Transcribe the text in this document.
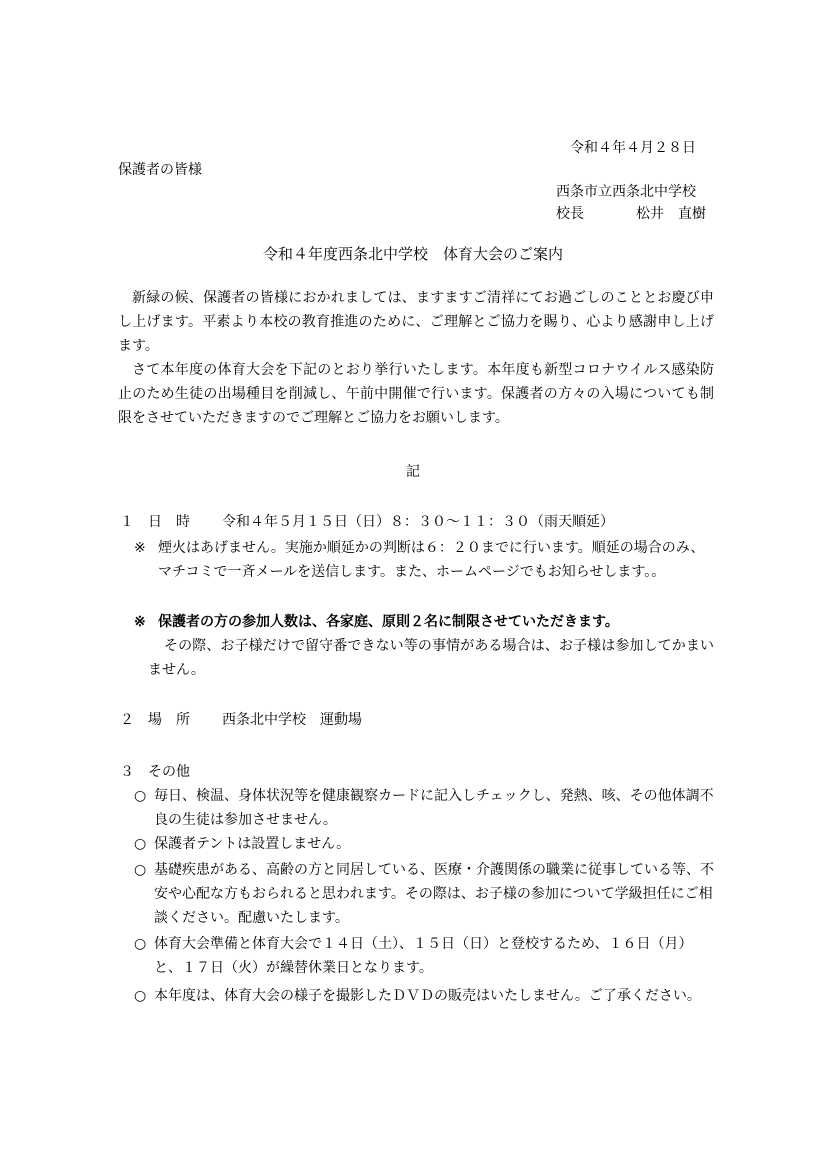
令和４年４月２８日
保護者の皆様
西条市立西条北中学校
校長	松井　直樹
令和４年度西条北中学校　体育大会のご案内
新緑の候、保護者の皆様におかれましては、ますますご清祥にてお過ごしのこととお慶び申し上げます。平素より本校の教育推進のために、ご理解とご協力を賜り、心より感謝申し上げます。
さて本年度の体育大会を下記のとおり挙行いたします。本年度も新型コロナウイルス感染防止のため生徒の出場種目を削減し、午前中開催で行います。保護者の方々の入場についても制限をさせていただきますのでご理解とご協力をお願いします。
記
１　日　時 令和４年５月１５日（日）８：３０～１１：３０（雨天順延）
※ 煙火はあげません。実施か順延かの判断は６：２０までに行います。順延の場合のみ、
マチコミで一斉メールを送信します。また、ホームページでもお知らせします。。
※ 保護者の方の参加人数は、各家庭、原則２名に制限させていただきます。
その際、お子様だけで留守番できない等の事情がある場合は、お子様は参加してかまいません。
２　場　所 西条北中学校　運動場
３　その他
○ 毎日、検温、身体状況等を健康観察カードに記入しチェックし、発熱、咳、その他体調不良の生徒は参加させません。
○ 保護者テントは設置しません。
○ 基礎疾患がある、高齢の方と同居している、医療・介護関係の職業に従事している等、不安や心配な方もおられると思われます。その際は、お子様の参加について学級担任にご相談ください。配慮いたします。
○ 体育大会準備と体育大会で１４日（土）、１５日（日）と登校するため、１６日（月）と、１７日（火）が繰替休業日となります。
○ 本年度は、体育大会の様子を撮影したＤＶＤの販売はいたしません。ご了承ください。
